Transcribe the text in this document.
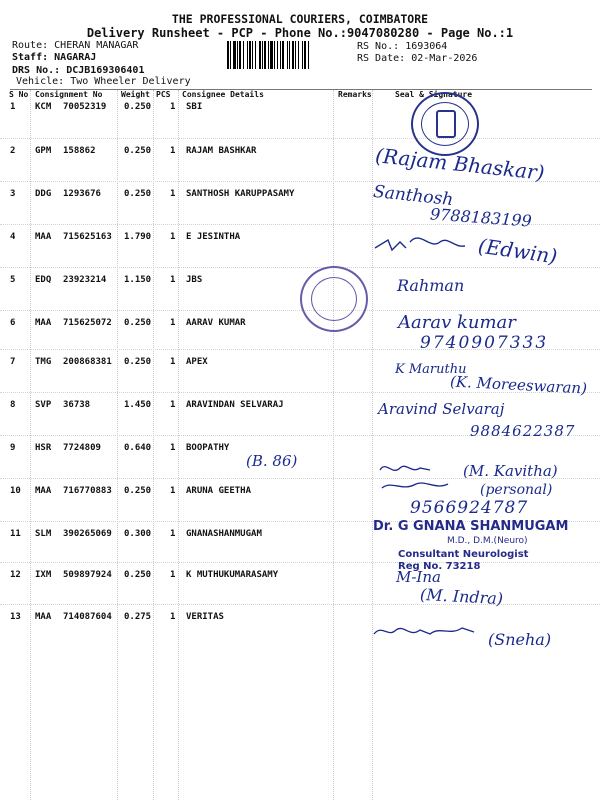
THE PROFESSIONAL COURIERS, COIMBATORE
Delivery Runsheet - PCP - Phone No.:9047080280 - Page No.:1
Route: CHERAN MANAGAR
Staff: NAGARAJ
DRS No.: DCJB169306401
Vehicle: Two Wheeler Delivery
RS No.: 1693064
RS Date: 02-Mar-2026
S No Consignment No Weight PCS Consignee Details	Remarks	Seal & Signature
1 KCM 70052319 0.250 1 SBI
2 GPM 158862	0.250 1 RAJAM BASHKAR
3 DDG 1293676	0.250 1 SANTHOSH KARUPPASAMY
4 MAA 715625163 1.790 1 E JESINTHA
5 EDQ 23923214 1.150 1 JBS
6 MAA 715625072 0.250 1 AARAV KUMAR
7 TMG 200868381 0.250 1 APEX
8 SVP 36738	1.450 1 ARAVINDAN SELVARAJ
9 HSR 7724809	0.640 1 BOOPATHY
10 MAA 716770883 0.250 1 ARUNA GEETHA
11 SLM 390265069 0.300 1 GNANASHANMUGAM
12 IXM 509897924 0.250 1 K MUTHUKUMARASAMY
13 MAA 714087604 0.275 1 VERITAS
(Rajam Bhaskar)
Santhosh
9788183199
(Edwin)
Rahman
Aarav kumar
9740907333
K Maruthu
(K. Moreeswaran)
Aravind Selvaraj
9884622387
(B. 86)
(M. Kavitha)
(personal)
9566924787
M-Ina
(M. Indra)
(Sneha)
Dr. G GNANA SHANMUGAM
M.D., D.M.(Neuro)
Consultant Neurologist
Reg No. 73218
